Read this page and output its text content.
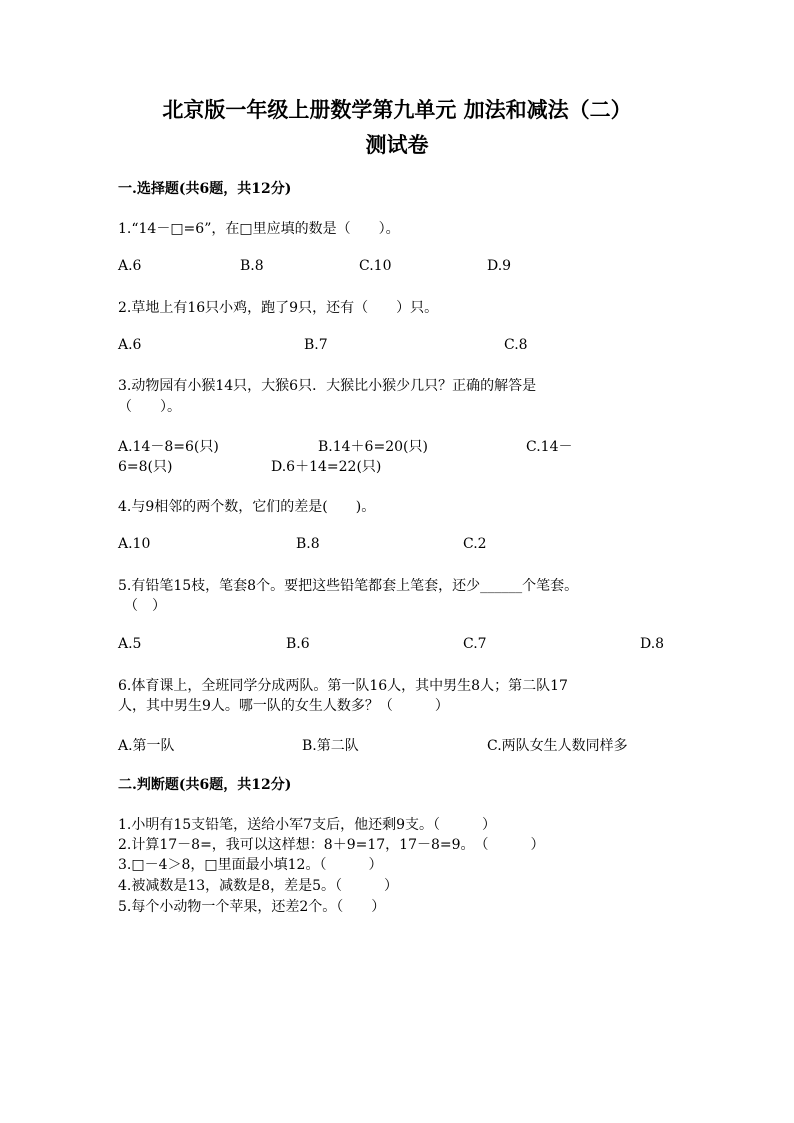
北京版一年级上册数学第九单元 加法和减法（二）
测试卷
一.选择题(共6题，共12分)
1.“14－□=6”，在□里应填的数是（　　）。
A.6	B.8	C.10	D.9
2.草地上有16只小鸡，跑了9只，还有（　　）只。
A.6	B.7	C.8
3.动物园有小猴14只，大猴6只．大猴比小猴少几只？正确的解答是
（　　）。
A.14－8=6(只)	B.14＋6=20(只)	C.14－
6=8(只)	D.6＋14=22(只)
4.与9相邻的两个数，它们的差是(　　)。
A.10	B.8	C.2
5.有铅笔15枝，笔套8个。要把这些铅笔都套上笔套，还少______个笔套。
（　）
A.5	B.6	C.7	D.8
6.体育课上，全班同学分成两队。第一队16人，其中男生8人；第二队17
人，其中男生9人。哪一队的女生人数多？（　　　）
A.第一队	B.第二队	C.两队女生人数同样多
二.判断题(共6题，共12分)
1.小明有15支铅笔，送给小军7支后，他还剩9支。（　　　）
2.计算17－8=，我可以这样想：8＋9=17，17－8=9。　（　　　）
3.□－4＞8，□里面最小填12。（　　　）
4.被减数是13，减数是8，差是5。（　　　）
5.每个小动物一个苹果，还差2个。（　　）
